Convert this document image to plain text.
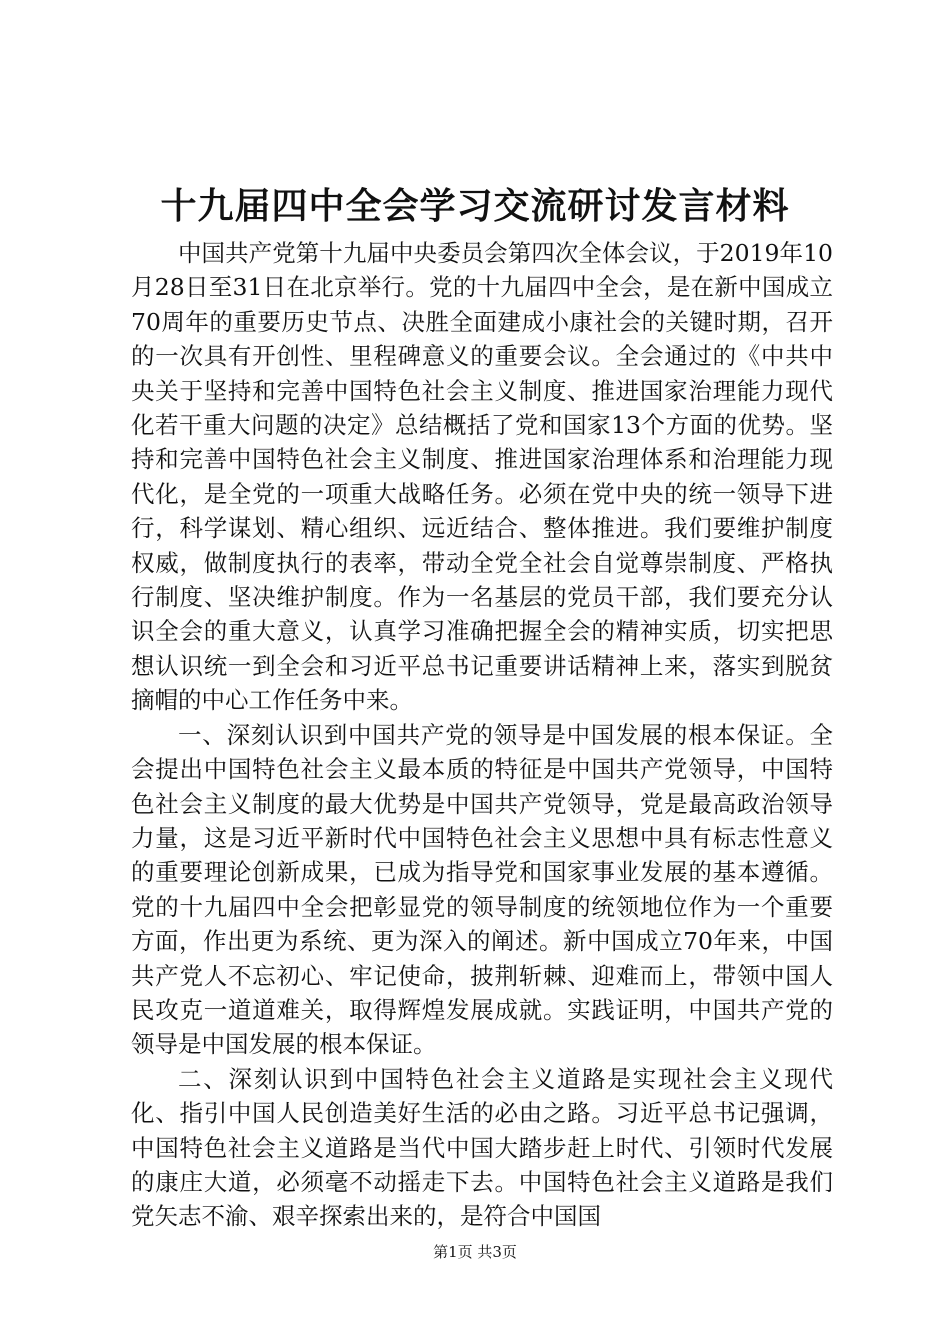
十九届四中全会学习交流研讨发言材料

中国共产党第十九届中央委员会第四次全体会议，于2019年10月28日至31日在北京举行。党的十九届四中全会，是在新中国成立70周年的重要历史节点、决胜全面建成小康社会的关键时期，召开的一次具有开创性、里程碑意义的重要会议。全会通过的《中共中央关于坚持和完善中国特色社会主义制度、推进国家治理能力现代化若干重大问题的决定》总结概括了党和国家13个方面的优势。坚持和完善中国特色社会主义制度、推进国家治理体系和治理能力现代化，是全党的一项重大战略任务。必须在党中央的统一领导下进行，科学谋划、精心组织、远近结合、整体推进。我们要维护制度权威，做制度执行的表率，带动全党全社会自觉尊崇制度、严格执行制度、坚决维护制度。作为一名基层的党员干部，我们要充分认识全会的重大意义，认真学习准确把握全会的精神实质，切实把思想认识统一到全会和习近平总书记重要讲话精神上来，落实到脱贫摘帽的中心工作任务中来。

一、深刻认识到中国共产党的领导是中国发展的根本保证。全会提出中国特色社会主义最本质的特征是中国共产党领导，中国特色社会主义制度的最大优势是中国共产党领导，党是最高政治领导力量，这是习近平新时代中国特色社会主义思想中具有标志性意义的重要理论创新成果，已成为指导党和国家事业发展的基本遵循。党的十九届四中全会把彰显党的领导制度的统领地位作为一个重要方面，作出更为系统、更为深入的阐述。新中国成立70年来，中国共产党人不忘初心、牢记使命，披荆斩棘、迎难而上，带领中国人民攻克一道道难关，取得辉煌发展成就。实践证明，中国共产党的领导是中国发展的根本保证。

二、深刻认识到中国特色社会主义道路是实现社会主义现代化、指引中国人民创造美好生活的必由之路。习近平总书记强调，中国特色社会主义道路是当代中国大踏步赶上时代、引领时代发展的康庄大道，必须毫不动摇走下去。中国特色社会主义道路是我们党矢志不渝、艰辛探索出来的，是符合中国国

第1页 共3页
